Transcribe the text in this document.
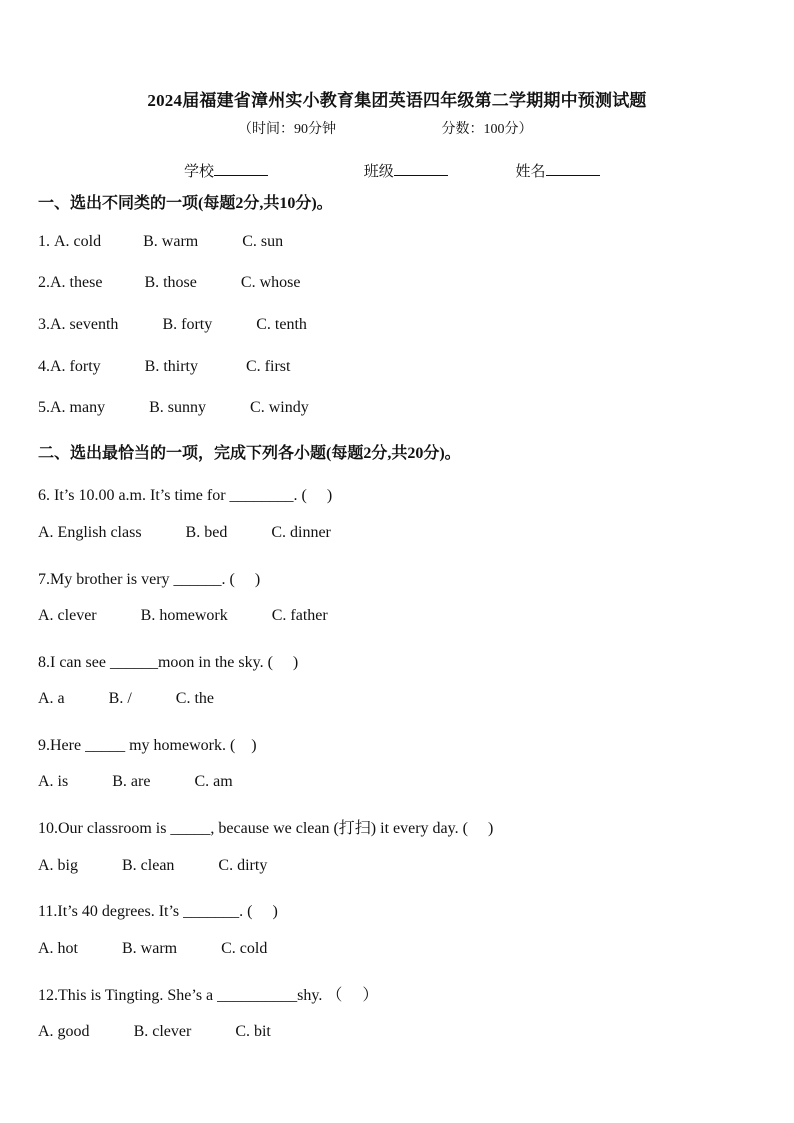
2024届福建省漳州实小教育集团英语四年级第二学期期中预测试题
（时间：90分钟	分数：100分）
学校	班级	姓名
一、选出不同类的一项(每题2分,共10分)。
1. A. cold	B. warm	C. sun
2.A. these	B. those	C. whose
3.A. seventh	B. forty	C. tenth
4.A. forty	B. thirty	C. first
5.A. many	B. sunny	C. windy
二、选出最恰当的一项，完成下列各小题(每题2分,共20分)。
6. It’s 10.00 a.m. It’s time for ________. (　 )
A. English class	B. bed	C. dinner
7.My brother is very ______. (　 )
A. clever	B. homework	C. father
8.I can see ______moon in the sky. (　 )
A. a	B. /	C. the
9.Here _____ my homework. (　)
A. is	B. are	C. am
10.Our classroom is _____, because we clean (打扫) it every day. (　 )
A. big	B. clean	C. dirty
11.It’s 40 degrees. It’s _______. (　 )
A. hot	B. warm	C. cold
12.This is Tingting. She’s a __________shy. （　 ）
A. good	B. clever	C. bit
